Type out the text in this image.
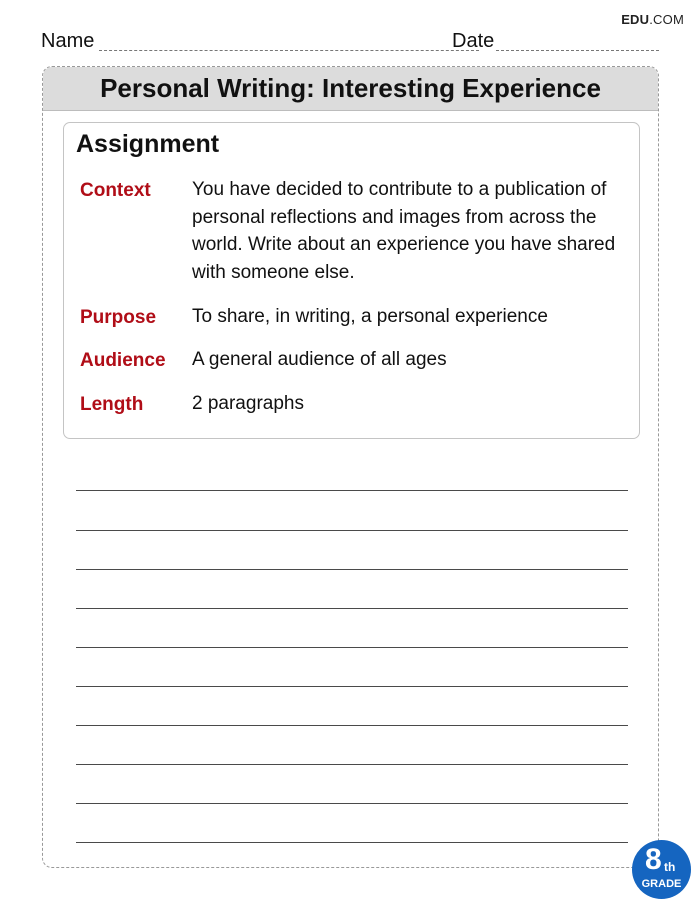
EDU.COM
Name	Date
Personal Writing: Interesting Experience
Assignment
Context You have decided to contribute to a publication of personal reflections and images from across the world. Write about an experience you have shared with someone else.
Purpose To share, in writing, a personal experience
Audience A general audience of all ages
Length	2 paragraphs
8 th
GRADE
